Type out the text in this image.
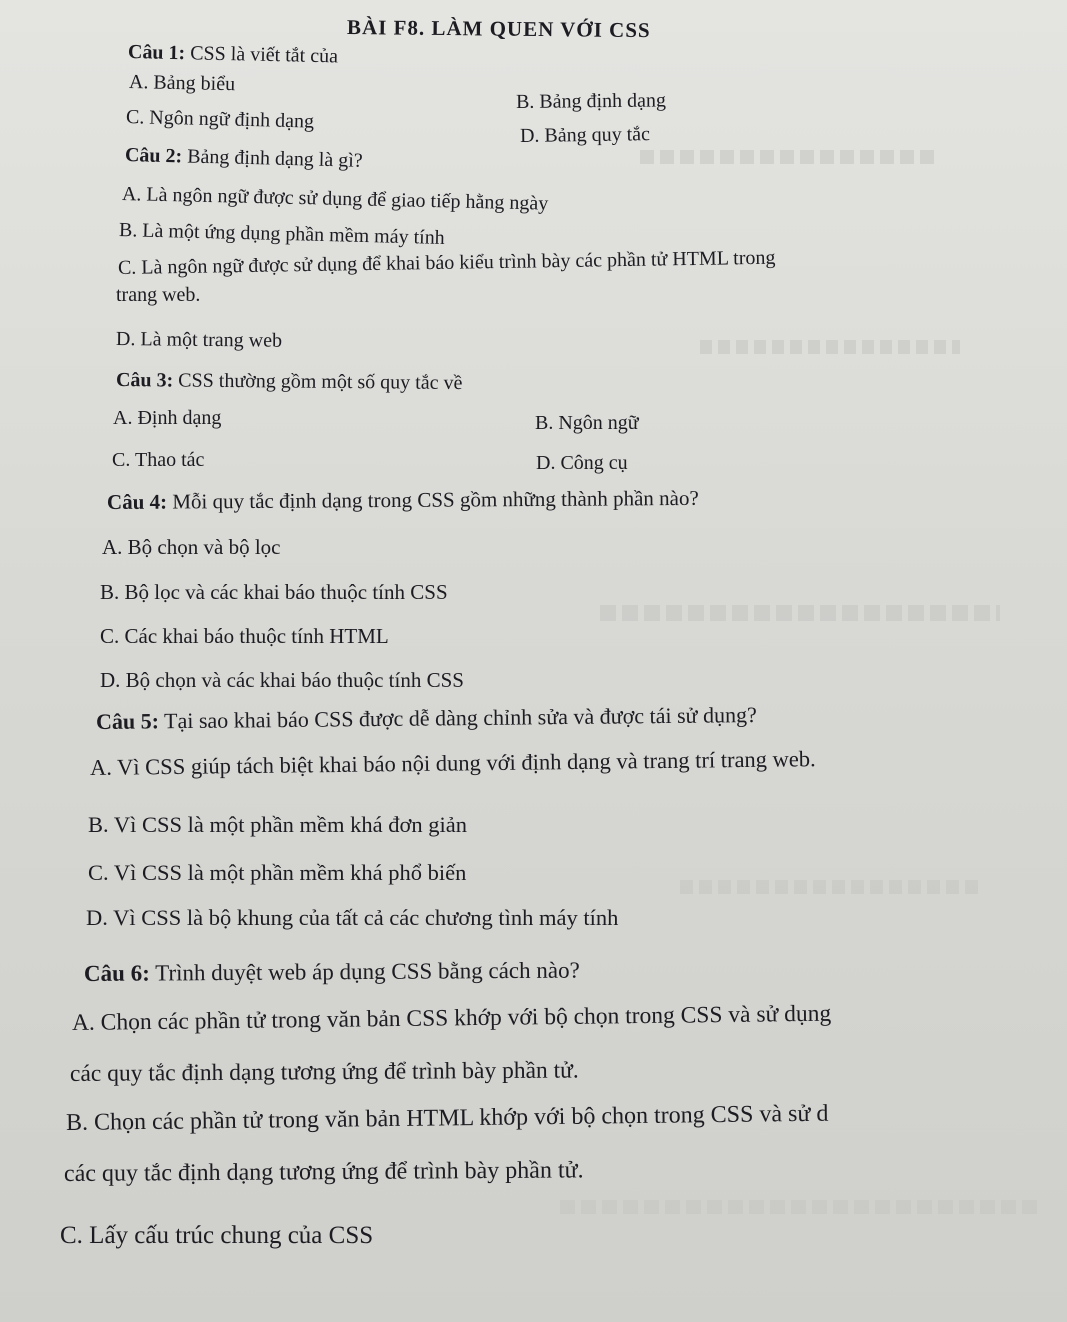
BÀI F8. LÀM QUEN VỚI CSS
Câu 1: CSS là viết tắt của
A. Bảng biểu
B. Bảng định dạng
C. Ngôn ngữ định dạng
D. Bảng quy tắc
Câu 2: Bảng định dạng là gì?
A. Là ngôn ngữ được sử dụng để giao tiếp hằng ngày
B. Là một ứng dụng phần mềm máy tính
C. Là ngôn ngữ được sử dụng để khai báo kiểu trình bày các phần tử HTML trong
trang web.
D. Là một trang web
Câu 3: CSS thường gồm một số quy tắc về
A. Định dạng	B. Ngôn ngữ
C. Thao tác	D. Công cụ
Câu 4: Mỗi quy tắc định dạng trong CSS gồm những thành phần nào?
A. Bộ chọn và bộ lọc
B. Bộ lọc và các khai báo thuộc tính CSS
C. Các khai báo thuộc tính HTML
D. Bộ chọn và các khai báo thuộc tính CSS
Câu 5: Tại sao khai báo CSS được dễ dàng chỉnh sửa và được tái sử dụng?
A. Vì CSS giúp tách biệt khai báo nội dung với định dạng và trang trí trang web.
B. Vì CSS là một phần mềm khá đơn giản
C. Vì CSS là một phần mềm khá phổ biến
D. Vì CSS là bộ khung của tất cả các chương tình máy tính
Câu 6: Trình duyệt web áp dụng CSS bằng cách nào?
A. Chọn các phần tử trong văn bản CSS khớp với bộ chọn trong CSS và sử dụng
các quy tắc định dạng tương ứng để trình bày phần tử.
B. Chọn các phần tử trong văn bản HTML khớp với bộ chọn trong CSS và sử d
các quy tắc định dạng tương ứng để trình bày phần tử.
C. Lấy cấu trúc chung của CSS
